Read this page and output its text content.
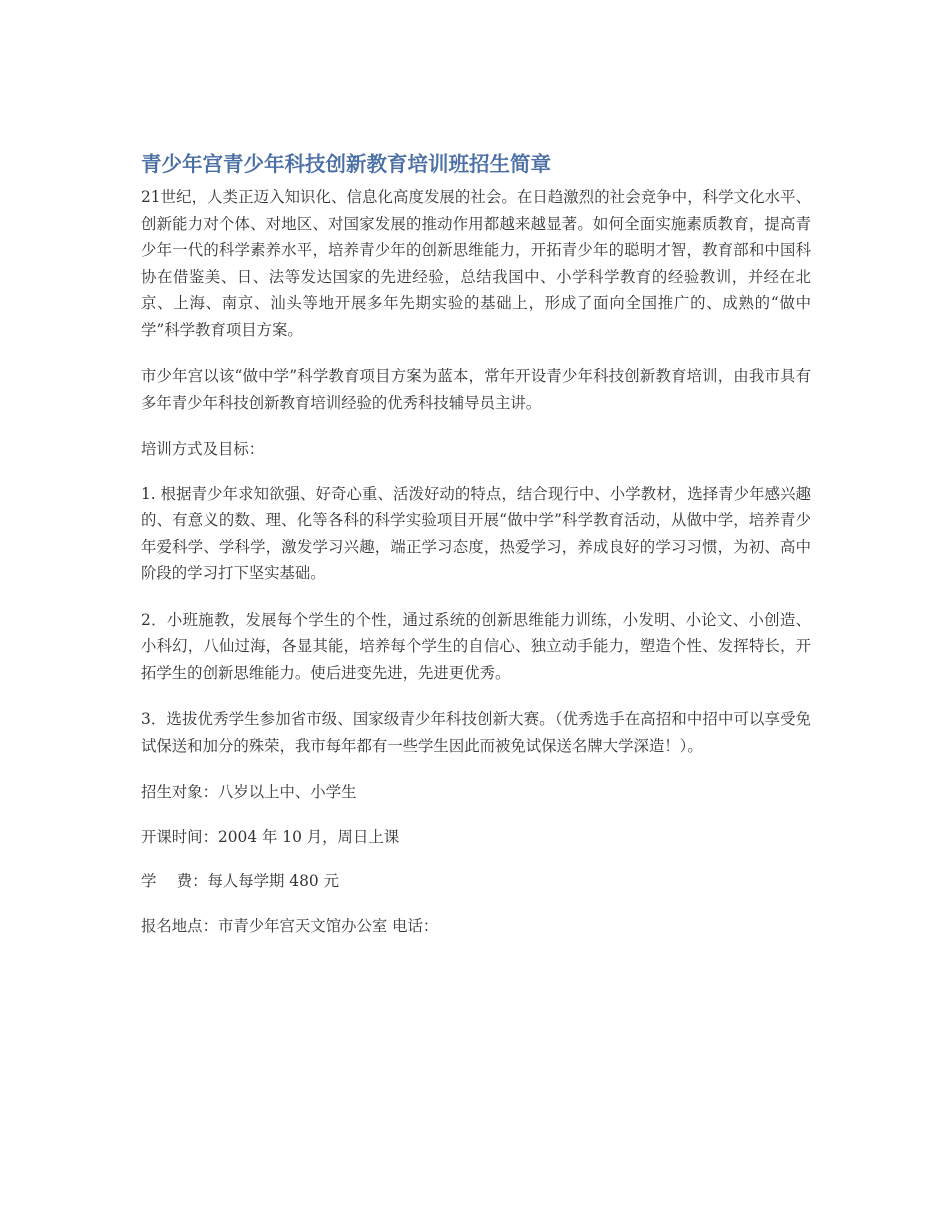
青少年宫青少年科技创新教育培训班招生简章

21世纪，人类正迈入知识化、信息化高度发展的社会。在日趋激烈的社会竞争中，科学文化水平、创新能力对个体、对地区、对国家发展的推动作用都越来越显著。如何全面实施素质教育，提高青少年一代的科学素养水平，培养青少年的创新思维能力，开拓青少年的聪明才智，教育部和中国科协在借鉴美、日、法等发达国家的先进经验，总结我国中、小学科学教育的经验教训，并经在北京、上海、南京、汕头等地开展多年先期实验的基础上，形成了面向全国推广的、成熟的“做中学”科学教育项目方案。

市少年宫以该“做中学”科学教育项目方案为蓝本，常年开设青少年科技创新教育培训，由我市具有多年青少年科技创新教育培训经验的优秀科技辅导员主讲。

培训方式及目标：

1. 根据青少年求知欲强、好奇心重、活泼好动的特点，结合现行中、小学教材，选择青少年感兴趣的、有意义的数、理、化等各科的科学实验项目开展“做中学”科学教育活动，从做中学，培养青少年爱科学、学科学，激发学习兴趣，端正学习态度，热爱学习，养成良好的学习习惯，为初、高中阶段的学习打下坚实基础。

2．小班施教，发展每个学生的个性，通过系统的创新思维能力训练，小发明、小论文、小创造、小科幻，八仙过海，各显其能，培养每个学生的自信心、独立动手能力，塑造个性、发挥特长，开拓学生的创新思维能力。使后进变先进，先进更优秀。

3．选拔优秀学生参加省市级、国家级青少年科技创新大赛。（优秀选手在高招和中招中可以享受免试保送和加分的殊荣，我市每年都有一些学生因此而被免试保送名牌大学深造！）。

招生对象：八岁以上中、小学生

开课时间：2004 年 10 月，周日上课

学　 费：每人每学期 480 元

报名地点：市青少年宫天文馆办公室 电话：
